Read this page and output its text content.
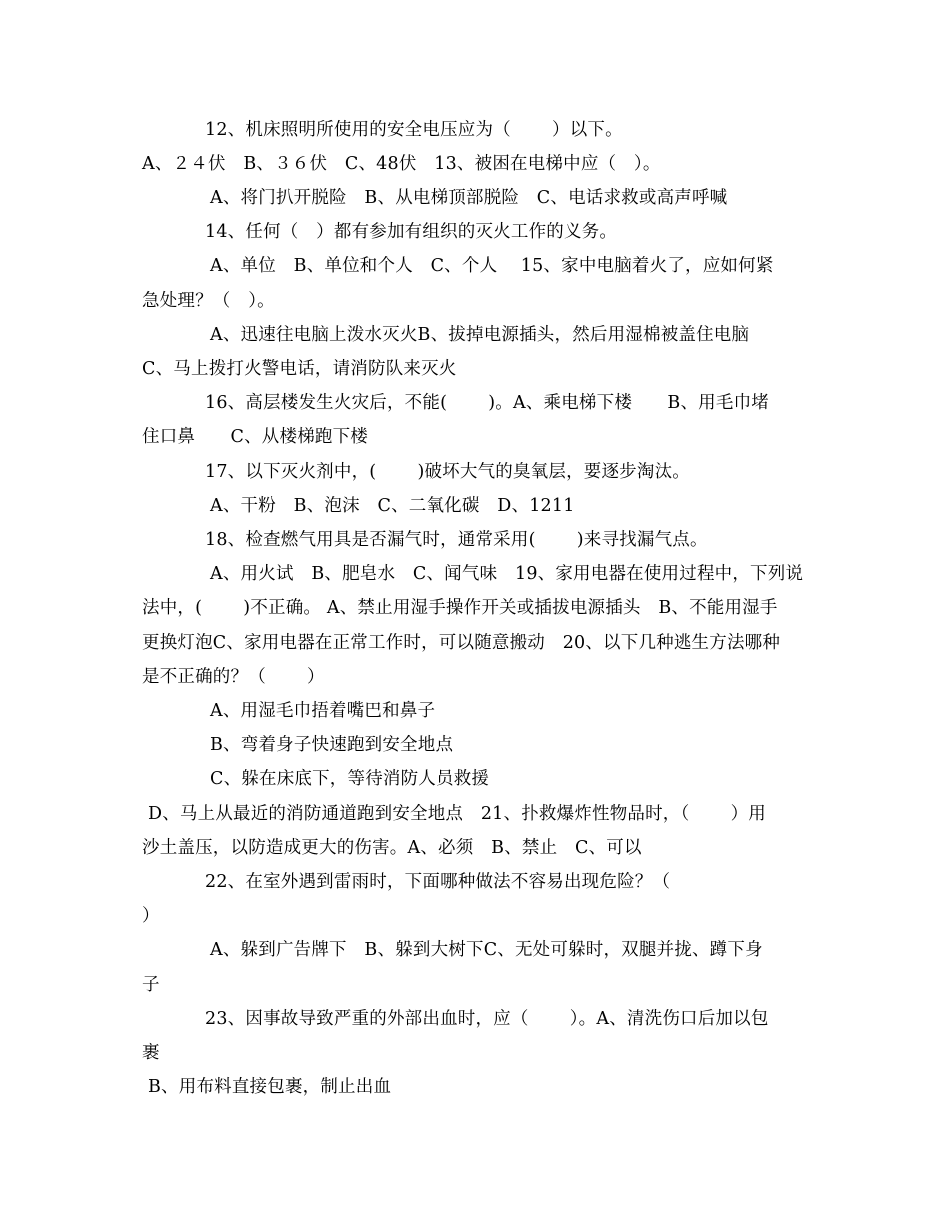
12、机床照明所使用的安全电压应为（　　 ）以下。
A、２４伏　B、３６伏　C、48伏　13、被困在电梯中应（　）。
A、将门扒开脱险　B、从电梯顶部脱险　C、电话求救或高声呼喊
14、任何（　）都有参加有组织的灭火工作的义务。
A、单位　B、单位和个人　C、个人　 15、家中电脑着火了，应如何紧
急处理？（　）。
A、迅速往电脑上泼水灭火B、拔掉电源插头，然后用湿棉被盖住电脑
C、马上拨打火警电话，请消防队来灭火
16、高层楼发生火灾后，不能(　　 )。A、乘电梯下楼　　B、用毛巾堵
住口鼻　　C、从楼梯跑下楼
17、以下灭火剂中，(　　 )破坏大气的臭氧层，要逐步淘汰。
A、干粉　B、泡沫　C、二氧化碳　D、1211
18、检查燃气用具是否漏气时，通常采用(　　 )来寻找漏气点。
A、用火试　B、肥皂水　C、闻气味　19、家用电器在使用过程中，下列说
法中，(　　 )不正确。 A、禁止用湿手操作开关或插拔电源插头　B、不能用湿手
更换灯泡C、家用电器在正常工作时，可以随意搬动　20、以下几种逃生方法哪种
是不正确的？（　　 ）
A、用湿毛巾捂着嘴巴和鼻子
B、弯着身子快速跑到安全地点
C、躲在床底下，等待消防人员救援
D、马上从最近的消防通道跑到安全地点　21、扑救爆炸性物品时，（　　 ）用
沙土盖压，以防造成更大的伤害。A、必须　B、禁止　C、可以
22、在室外遇到雷雨时，下面哪种做法不容易出现危险？（
）
A、躲到广告牌下　B、躲到大树下C、无处可躲时，双腿并拢、蹲下身
子
23、因事故导致严重的外部出血时，应（　　 ）。A、清洗伤口后加以包
裹
B、用布料直接包裹，制止出血
